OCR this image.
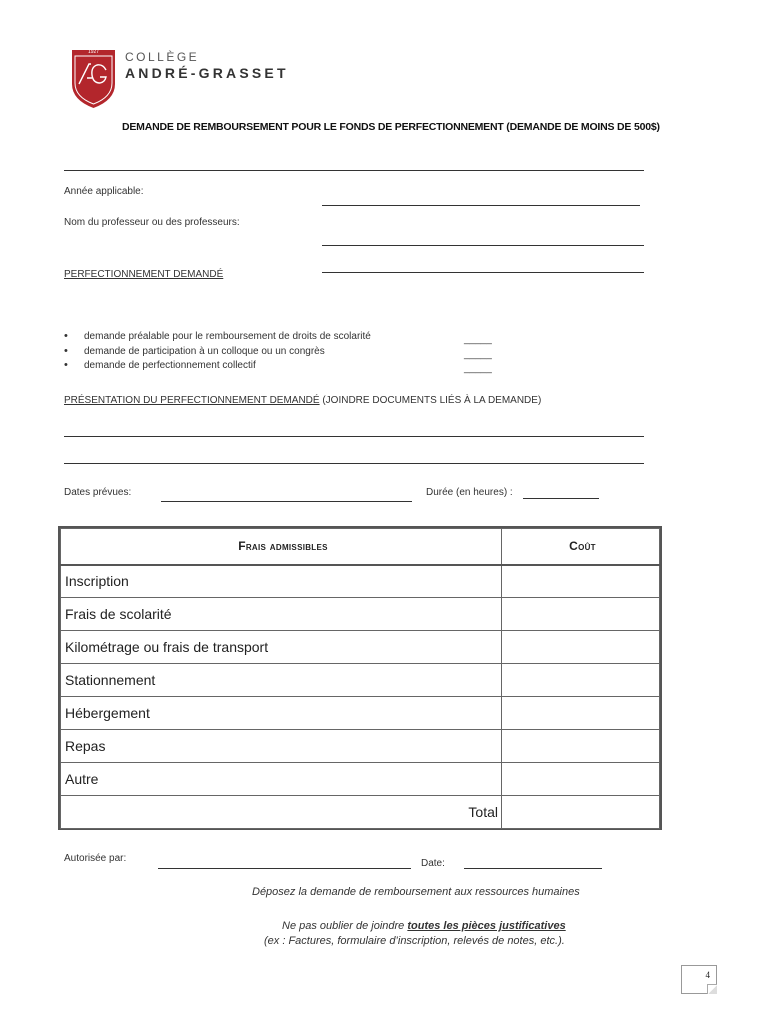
1927	COLLÈGE
ANDRÉ-GRASSET
DEMANDE DE REMBOURSEMENT POUR LE FONDS DE PERFECTIONNEMENT (DEMANDE DE MOINS DE 500$)
Année applicable:
Nom du professeur ou des professeurs:
PERFECTIONNEMENT DEMANDÉ
• demande préalable pour le remboursement de droits de scolarité
• demande de participation à un colloque ou un congrès
• demande de perfectionnement collectif
_____
_____
_____
PRÉSENTATION DU PERFECTIONNEMENT DEMANDÉ (JOINDRE DOCUMENTS LIÉS À LA DEMANDE)
Dates prévues:	Durée (en heures) :
Frais admissibles	Coût
Inscription	
Frais de scolarité	
Kilométrage ou frais de transport	
Stationnement	
Hébergement	
Repas	
Autre	
Total	
Autorisée par:	Date:
Déposez la demande de remboursement aux ressources humaines
Ne pas oublier de joindre toutes les pièces justificatives
(ex : Factures, formulaire d’inscription, relevés de notes, etc.).
4
